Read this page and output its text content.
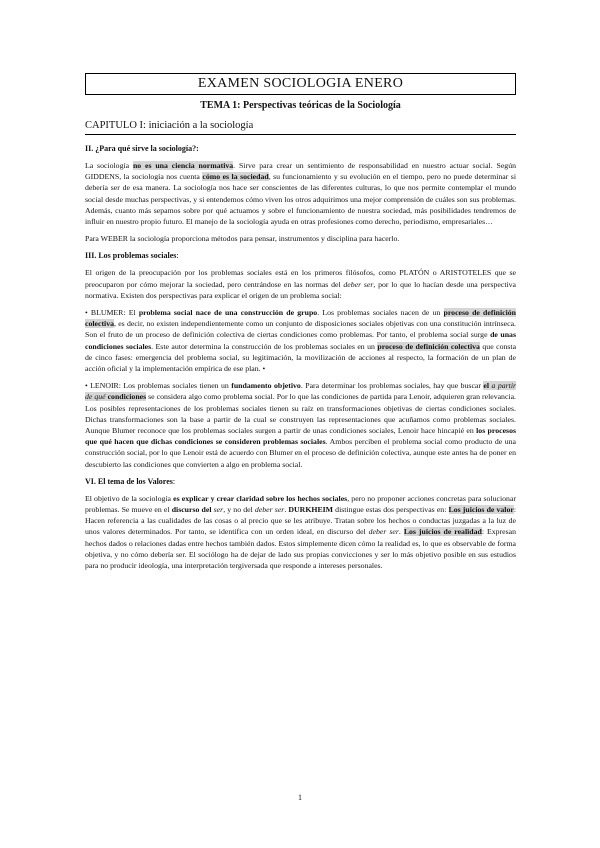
EXAMEN SOCIOLOGIA ENERO
TEMA 1: Perspectivas teóricas de la Sociología
CAPITULO I: iniciación a la sociología
II. ¿Para qué sirve la sociología?:

La sociología no es una ciencia normativa. Sirve para crear un sentimiento de responsabilidad en nuestro actuar social. Según GIDDENS, la sociología nos cuenta cómo es la sociedad, su funcionamiento y su evolución en el tiempo, pero no puede determinar si debería ser de esa manera. La sociología nos hace ser conscientes de las diferentes culturas, lo que nos permite contemplar el mundo social desde muchas perspectivas, y si entendemos cómo viven los otros adquirimos una mejor comprensión de cuáles son sus problemas. Además, cuanto más sepamos sobre por qué actuamos y sobre el funcionamiento de nuestra sociedad, más posibilidades tendremos de influir en nuestro propio futuro. El manejo de la sociología ayuda en otras profesiones como derecho, periodismo, empresariales…

Para WEBER la sociología proporciona métodos para pensar, instrumentos y disciplina para hacerlo.

III. Los problemas sociales:

El origen de la preocupación por los problemas sociales está en los primeros filósofos, como PLATÓN o ARISTOTELES que se preocuparon por cómo mejorar la sociedad, pero centrándose en las normas del deber ser, por lo que lo hacían desde una perspectiva normativa. Existen dos perspectivas para explicar el origen de un problema social:

• BLUMER: El problema social nace de una construcción de grupo. Los problemas sociales nacen de un proceso de definición colectiva, es decir, no existen independientemente como un conjunto de disposiciones sociales objetivas con una constitución intrínseca. Son el fruto de un proceso de definición colectiva de ciertas condiciones como problemas. Por tanto, el problema social surge de unas condiciones sociales. Este autor determina la construcción de los problemas sociales en un proceso de definición colectiva que consta de cinco fases: emergencia del problema social, su legitimación, la movilización de acciones al respecto, la formación de un plan de acción oficial y la implementación empírica de ese plan. •

• LENOIR: Los problemas sociales tienen un fundamento objetivo. Para determinar los problemas sociales, hay que buscar el a partir de qué condiciones se considera algo como problema social. Por lo que las condiciones de partida para Lenoir, adquieren gran relevancia. Los posibles representaciones de los problemas sociales tienen su raíz en transformaciones objetivas de ciertas condiciones sociales. Dichas transformaciones son la base a partir de la cual se construyen las representaciones que acuñamos como problemas sociales. Aunque Blumer reconoce que los problemas sociales surgen a partir de unas condiciones sociales, Lenoir hace hincapié en los procesos que qué hacen que dichas condiciones se consideren problemas sociales. Ambos perciben el problema social como producto de una construcción social, por lo que Lenoir está de acuerdo con Blumer en el proceso de definición colectiva, aunque este antes ha de poner en descubierto las condiciones que convierten a algo en problema social.

VI. El tema de los Valores:

El objetivo de la sociología es explicar y crear claridad sobre los hechos sociales, pero no proponer acciones concretas para solucionar problemas. Se mueve en el discurso del ser, y no del deber ser. DURKHEIM distingue estas dos perspectivas en: Los juicios de valor: Hacen referencia a las cualidades de las cosas o al precio que se les atribuye. Tratan sobre los hechos o conductas juzgadas a la luz de unos valores determinados. Por tanto, se identifica con un orden ideal, en discurso del deber ser. Los juicios de realidad: Expresan hechos dados o relaciones dadas entre hechos también dados. Estos simplemente dicen cómo la realidad es, lo que es observable de forma objetiva, y no cómo debería ser. El sociólogo ha de dejar de lado sus propias convicciones y ser lo más objetivo posible en sus estudios para no producir ideología, una interpretación tergiversada que responde a intereses personales.

1
